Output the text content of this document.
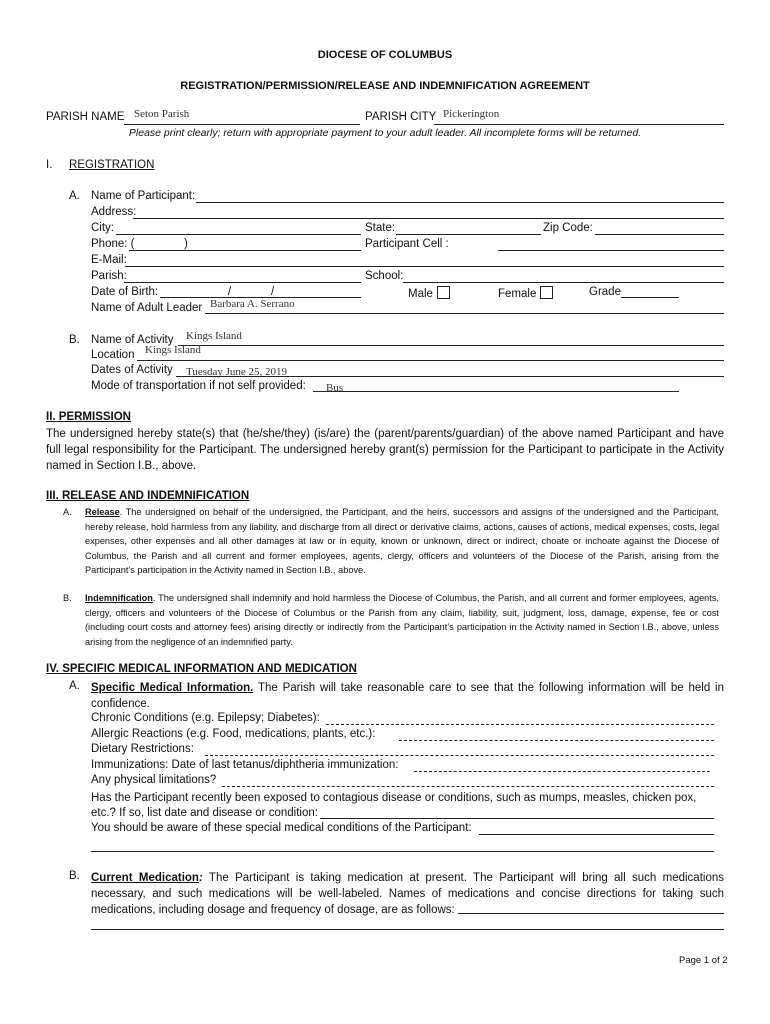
DIOCESE OF COLUMBUS
REGISTRATION/PERMISSION/RELEASE AND INDEMNIFICATION AGREEMENT
PARISH NAME Seton Parish	PARISH CITY Pickerington
Please print clearly; return with appropriate payment to your adult leader. All incomplete forms will be returned.
I. REGISTRATION
A. Name of Participant:
Address:
City:	State:	Zip Code:
Phone: (	)	Participant Cell :
E-Mail:
Parish:	School:
Date of Birth:	/	/	Male	Female	Grade
Name of Adult Leader Barbara A. Serrano
B. Name of Activity Kings Island
Location Kings Island
Dates of Activity Tuesday June 25, 2019
Mode of transportation if not self provided: Bus
II. PERMISSION
The undersigned hereby state(s) that (he/she/they) (is/are) the (parent/parents/guardian) of the above named Participant and have full legal responsibility for the Participant. The undersigned hereby grant(s) permission for the Participant to participate in the Activity named in Section I.B., above.
III. RELEASE AND INDEMNIFICATION
A. Release. The undersigned on behalf of the undersigned, the Participant, and the heirs, successors and assigns of the undersigned and the Participant, hereby release, hold harmless from any liability, and discharge from all direct or derivative claims, actions, causes of actions, medical expenses, costs, legal expenses, other expenses and all other damages at law or in equity, known or unknown, direct or indirect, choate or inchoate against the Diocese of Columbus, the Parish and all current and former employees, agents, clergy, officers and volunteers of the Diocese of the Parish, arising from the Participant’s participation in the Activity named in Section I.B., above.
B. Indemnification. The undersigned shall indemnify and hold harmless the Diocese of Columbus, the Parish, and all current and former employees, agents, clergy, officers and volunteers of the Diocese of Columbus or the Parish from any claim, liability, suit, judgment, loss, damage, expense, fee or cost (including court costs and attorney fees) arising directly or indirectly from the Participant’s participation in the Activity named in Section I.B., above, unless arising from the negligence of an indemnified party.
IV. SPECIFIC MEDICAL INFORMATION AND MEDICATION
A. Specific Medical Information. The Parish will take reasonable care to see that the following information will be held in confidence.
Chronic Conditions (e.g. Epilepsy; Diabetes):
Allergic Reactions (e.g. Food, medications, plants, etc.):
Dietary Restrictions:
Immunizations: Date of last tetanus/diphtheria immunization:
Any physical limitations?
Has the Participant recently been exposed to contagious disease or conditions, such as mumps, measles, chicken pox,
etc.? If so, list date and disease or condition:
You should be aware of these special medical conditions of the Participant:
B. Current Medication: The Participant is taking medication at present. The Participant will bring all such medications necessary, and such medications will be well-labeled. Names of medications and concise directions for taking such medications, including dosage and frequency of dosage, are as follows:
Page 1 of 2
